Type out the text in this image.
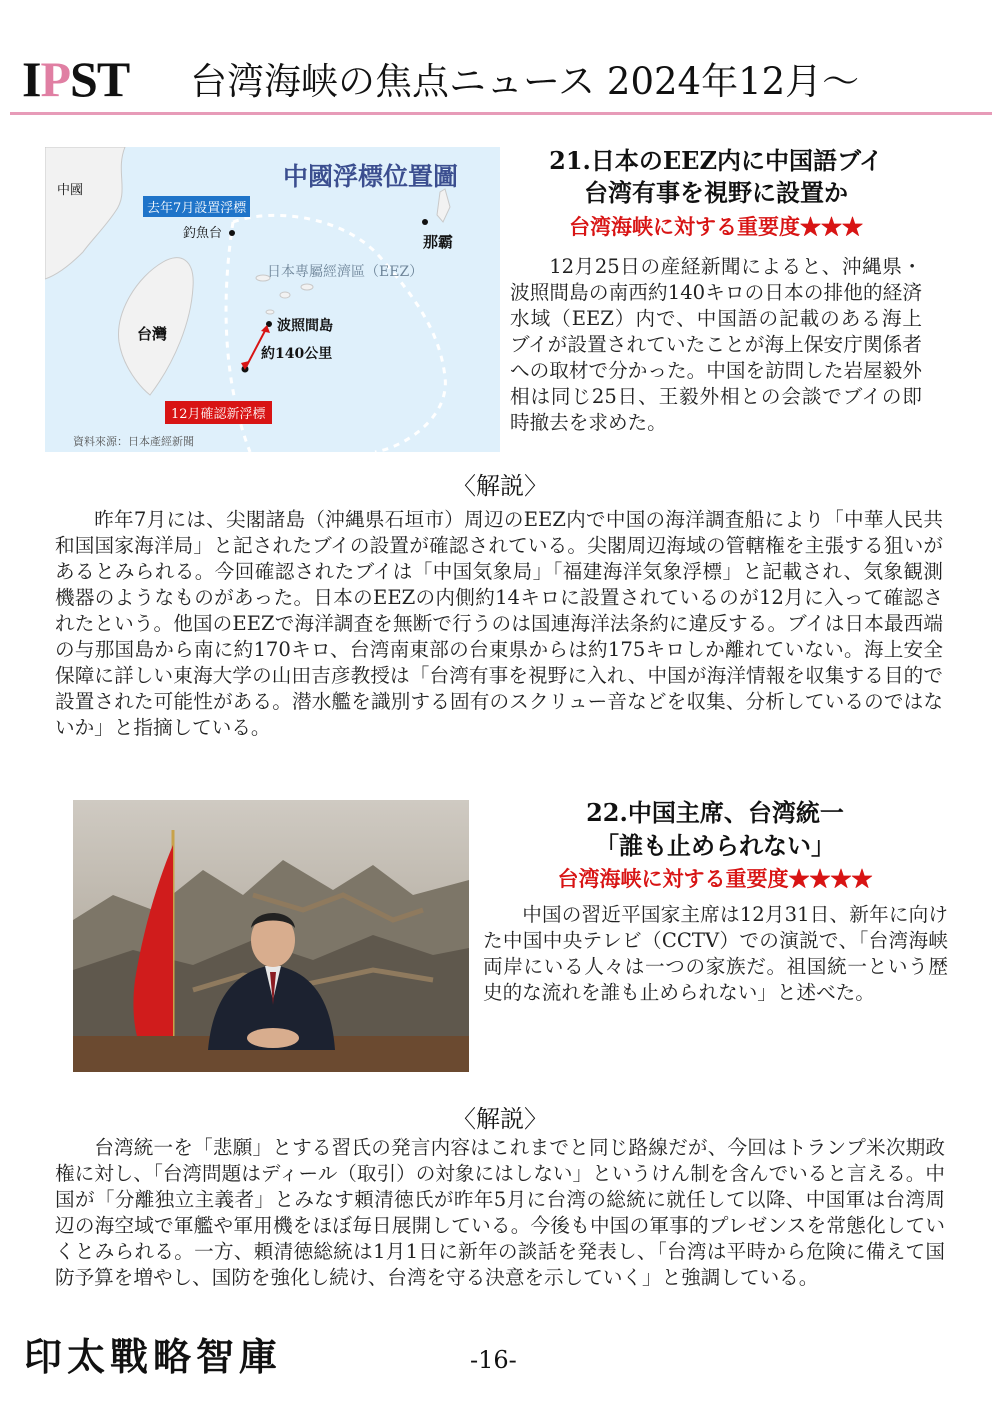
IPST 台湾海峡の焦点ニュース 2024年12月～
中國浮標位置圖
中國
去年7月設置浮標
釣魚台	那霸
日本專屬經濟區（EEZ）
台灣	波照間島
約140公里
12月確認新浮標
資料來源：日本產經新聞
21.日本のEEZ内に中国語ブイ
台湾有事を視野に設置か
台湾海峡に対する重要度★★★
12月25日の産経新聞によると、沖縄県・波照間島の南西約140キロの日本の排他的経済水域（EEZ）内で、中国語の記載のある海上ブイが設置されていたことが海上保安庁関係者への取材で分かった。中国を訪問した岩屋毅外相は同じ25日、王毅外相との会談でブイの即時撤去を求めた。
〈解説〉
昨年7月には、尖閣諸島（沖縄県石垣市）周辺のEEZ内で中国の海洋調査船により「中華人民共和国国家海洋局」と記されたブイの設置が確認されている。尖閣周辺海域の管轄権を主張する狙いがあるとみられる。今回確認されたブイは「中国気象局」「福建海洋気象浮標」と記載され、気象観測機器のようなものがあった。日本のEEZの内側約14キロに設置されているのが12月に入って確認されたという。他国のEEZで海洋調査を無断で行うのは国連海洋法条約に違反する。ブイは日本最西端の与那国島から南に約170キロ、台湾南東部の台東県からは約175キロしか離れていない。海上安全保障に詳しい東海大学の山田吉彦教授は「台湾有事を視野に入れ、中国が海洋情報を収集する目的で設置された可能性がある。潜水艦を識別する固有のスクリュー音などを収集、分析しているのではないか」と指摘している。
22.中国主席、台湾統一
「誰も止められない」
台湾海峡に対する重要度★★★★
中国の習近平国家主席は12月31日、新年に向けた中国中央テレビ（CCTV）での演説で、「台湾海峡両岸にいる人々は一つの家族だ。祖国統一という歴史的な流れを誰も止められない」と述べた。
〈解説〉
台湾統一を「悲願」とする習氏の発言内容はこれまでと同じ路線だが、今回はトランプ米次期政権に対し、「台湾問題はディール（取引）の対象にはしない」というけん制を含んでいると言える。中国が「分離独立主義者」とみなす頼清徳氏が昨年5月に台湾の総統に就任して以降、中国軍は台湾周辺の海空域で軍艦や軍用機をほぼ毎日展開している。今後も中国の軍事的プレゼンスを常態化していくとみられる。一方、頼清徳総統は1月1日に新年の談話を発表し、「台湾は平時から危険に備えて国防予算を増やし、国防を強化し続け、台湾を守る決意を示していく」と強調している。
印太戰略智庫	-16-
